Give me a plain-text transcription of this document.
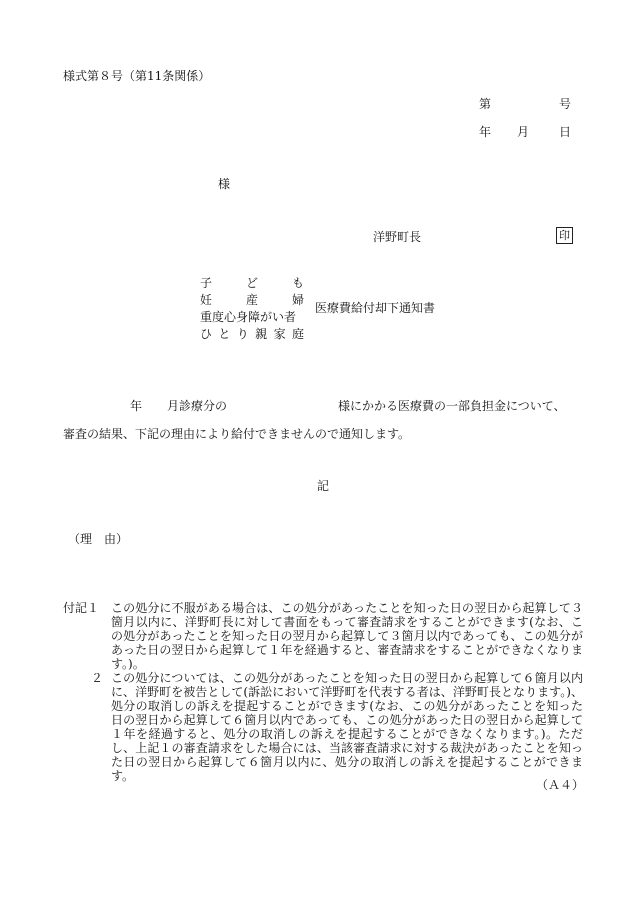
様式第８号（第11条関係）
第	号
年 月 日
様
洋野町長	印
子	ど	も
妊	産	婦
重度心身障がい者
ひ と り 親 家 庭
医療費給付却下通知書
年 月診療分の	様にかかる医療費の一部負担金について、
審査の結果、下記の理由により給付できませんので通知します。
記
（理　由）
付記１ この処分に不服がある場合は、この処分があったことを知った日の翌日から起算して３箇月以内に、洋野町長に対して書面をもって審査請求をすることができます(なお、この処分があったことを知った日の翌月から起算して３箇月以内であっても、この処分があった日の翌日から起算して１年を経過すると、審査請求をすることができなくなります。)。
２ この処分については、この処分があったことを知った日の翌日から起算して６箇月以内に、洋野町を被告として(訴訟において洋野町を代表する者は、洋野町長となります。)、処分の取消しの訴えを提起することができます(なお、この処分があったことを知った日の翌日から起算して６箇月以内であっても、この処分があった日の翌日から起算して１年を経過すると、処分の取消しの訴えを提起することができなくなります。)。ただし、上記１の審査請求をした場合には、当該審査請求に対する裁決があったことを知った日の翌日から起算して６箇月以内に、処分の取消しの訴えを提起することができます。
（Ａ４）
